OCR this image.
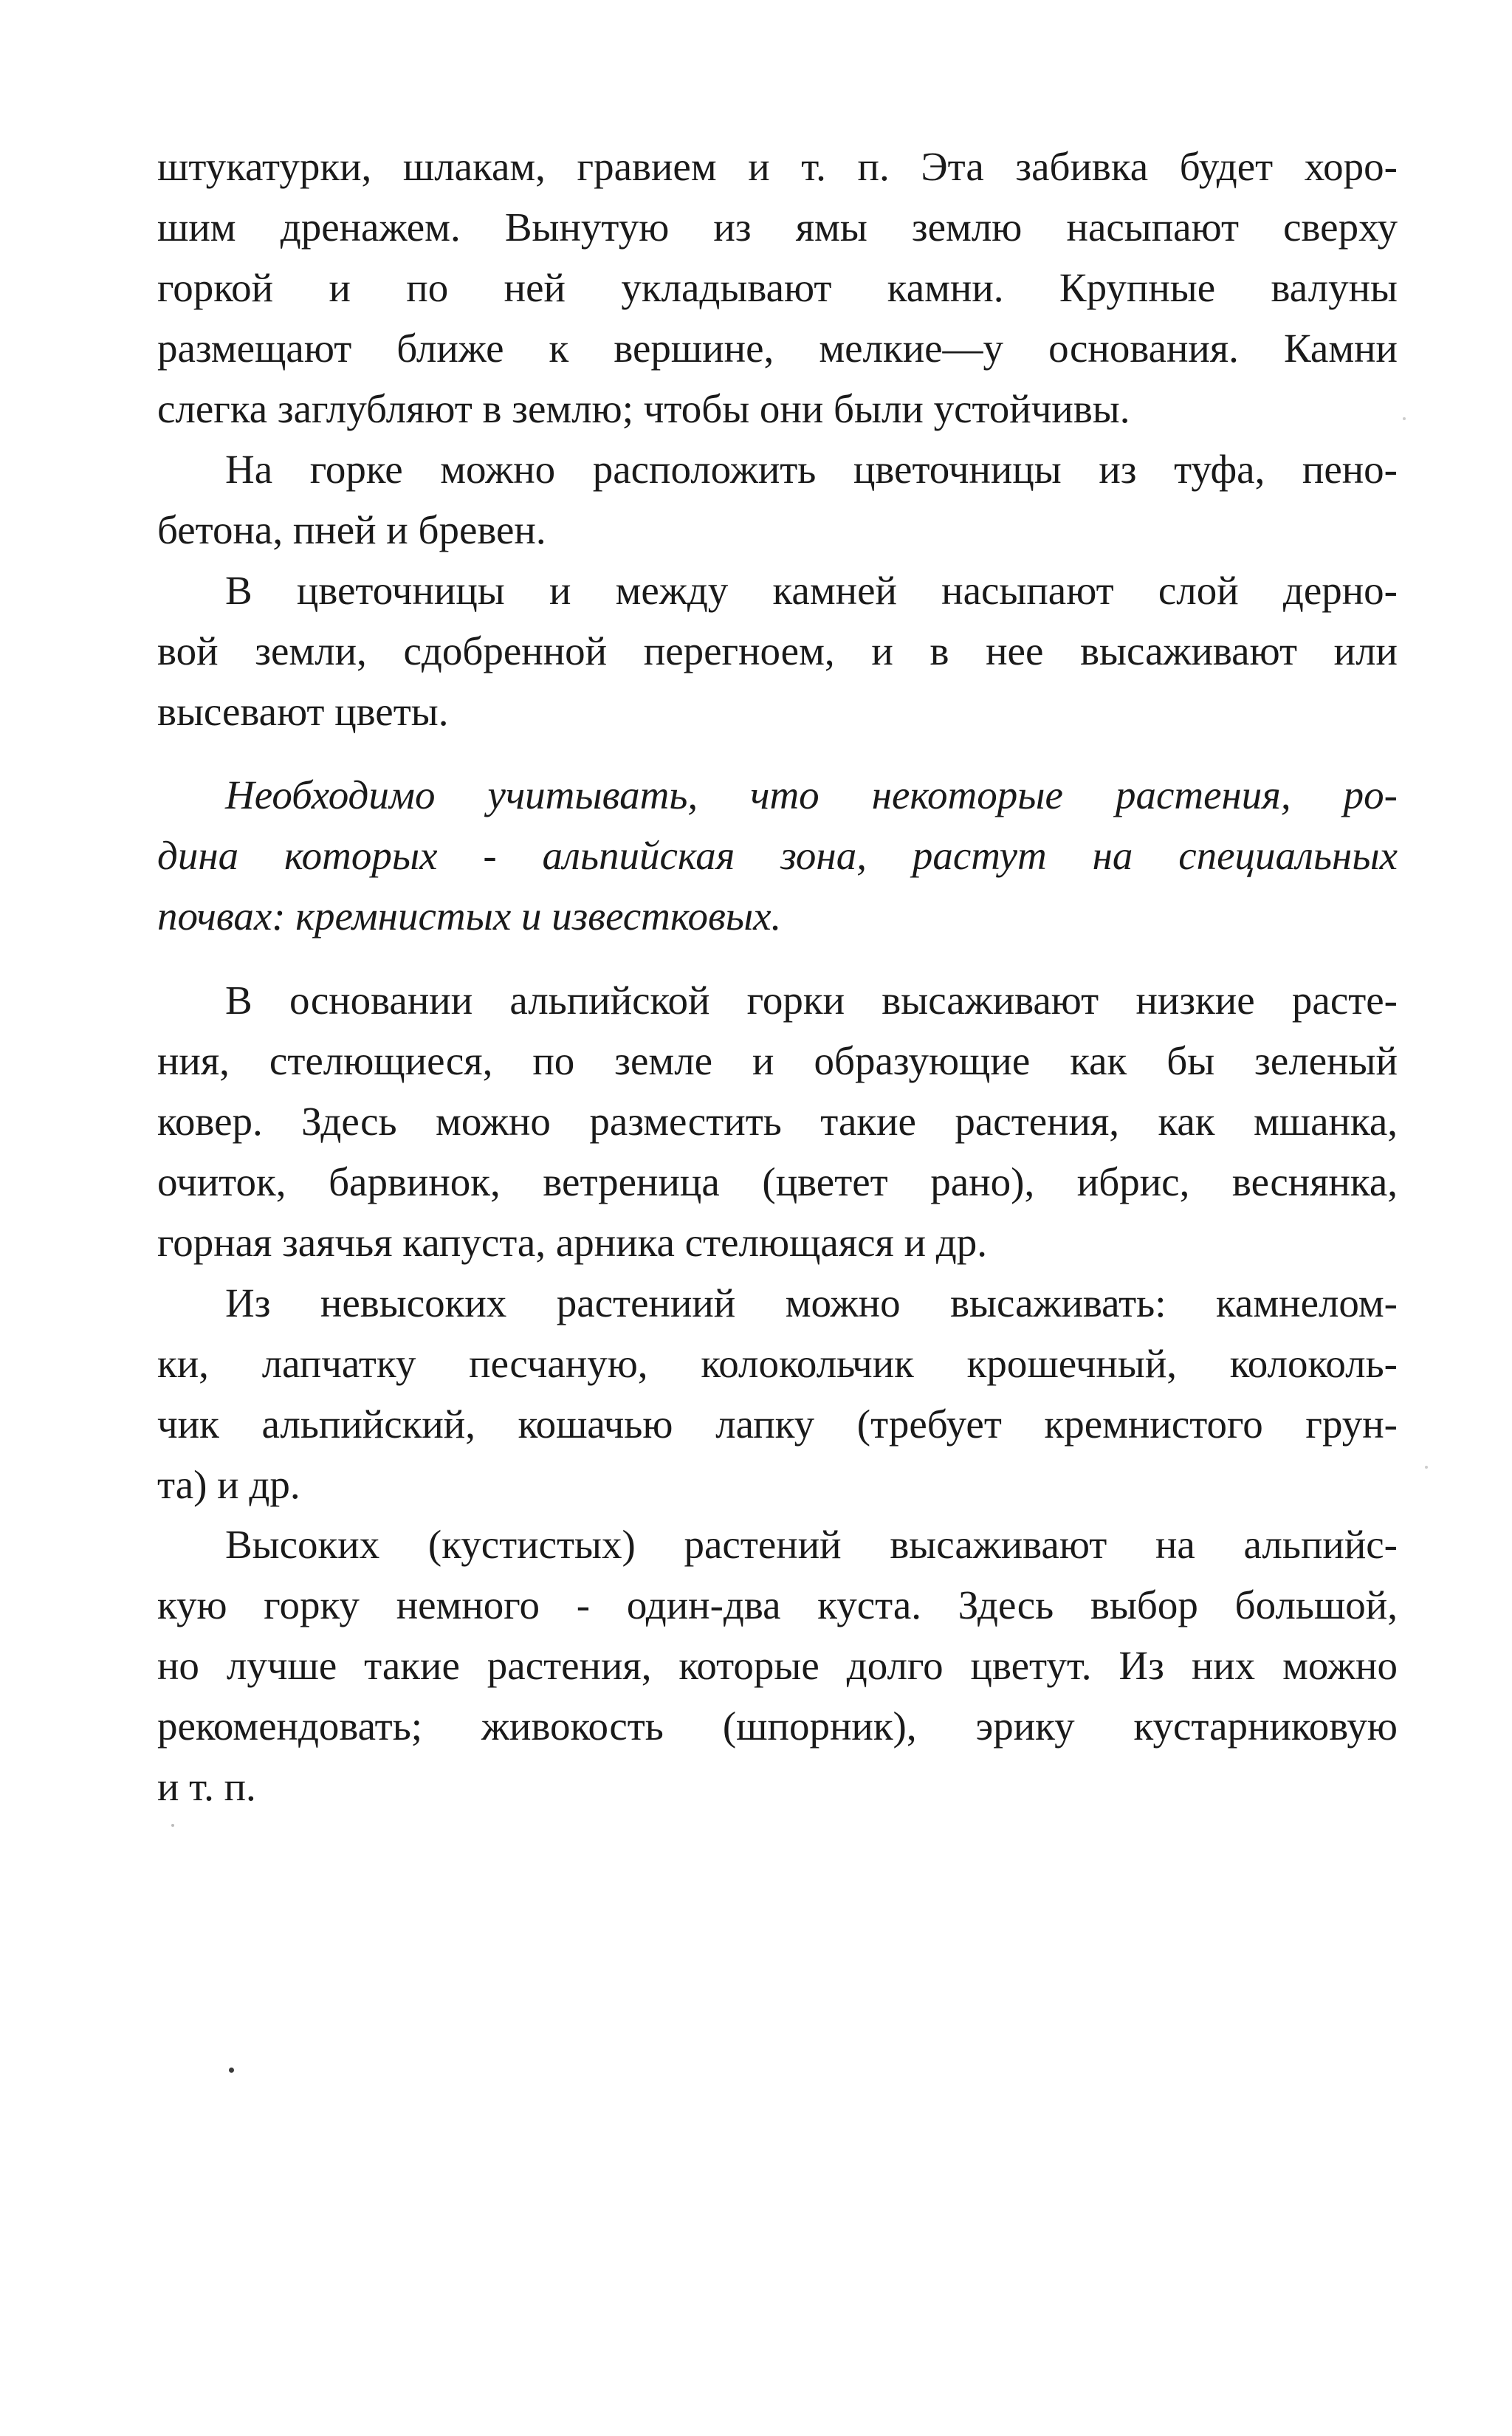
штукатурки, шлакам, гравием и т. п. Эта забивка будет хоро-
шим дренажем. Вынутую из ямы землю насыпают сверху
горкой и по ней укладывают камни. Крупные валуны
размещают ближе к вершине, мелкие—у основания. Камни
слегка заглубляют в землю; чтобы они были устойчивы.
На горке можно расположить цветочницы из туфа, пено-
бетона, пней и бревен.
В цветочницы и между камней насыпают слой дерно-
вой земли, сдобренной перегноем, и в нее высаживают или
высевают цветы.
Необходимо учитывать, что некоторые растения, ро-
дина которых - альпийская зона, растут на специальных
почвах: кремнистых и известковых.
В основании альпийской горки высаживают низкие расте-
ния, стелющиеся, по земле и образующие как бы зеленый
ковер. Здесь можно разместить такие растения, как мшанка,
очиток, барвинок, ветреница (цветет рано), ибрис, веснянка,
горная заячья капуста, арника стелющаяся и др.
Из невысоких растениий можно высаживать: камнелом-
ки, лапчатку песчаную, колокольчик крошечный, колоколь-
чик альпийский, кошачью лапку (требует кремнистого грун-
та) и др.
Высоких (кустистых) растений высаживают на альпийс-
кую горку немного - один-два куста. Здесь выбор большой,
но лучше такие растения, которые долго цветут. Из них можно
рекомендовать; живокость (шпорник), эрику кустарниковую
и т. п.
